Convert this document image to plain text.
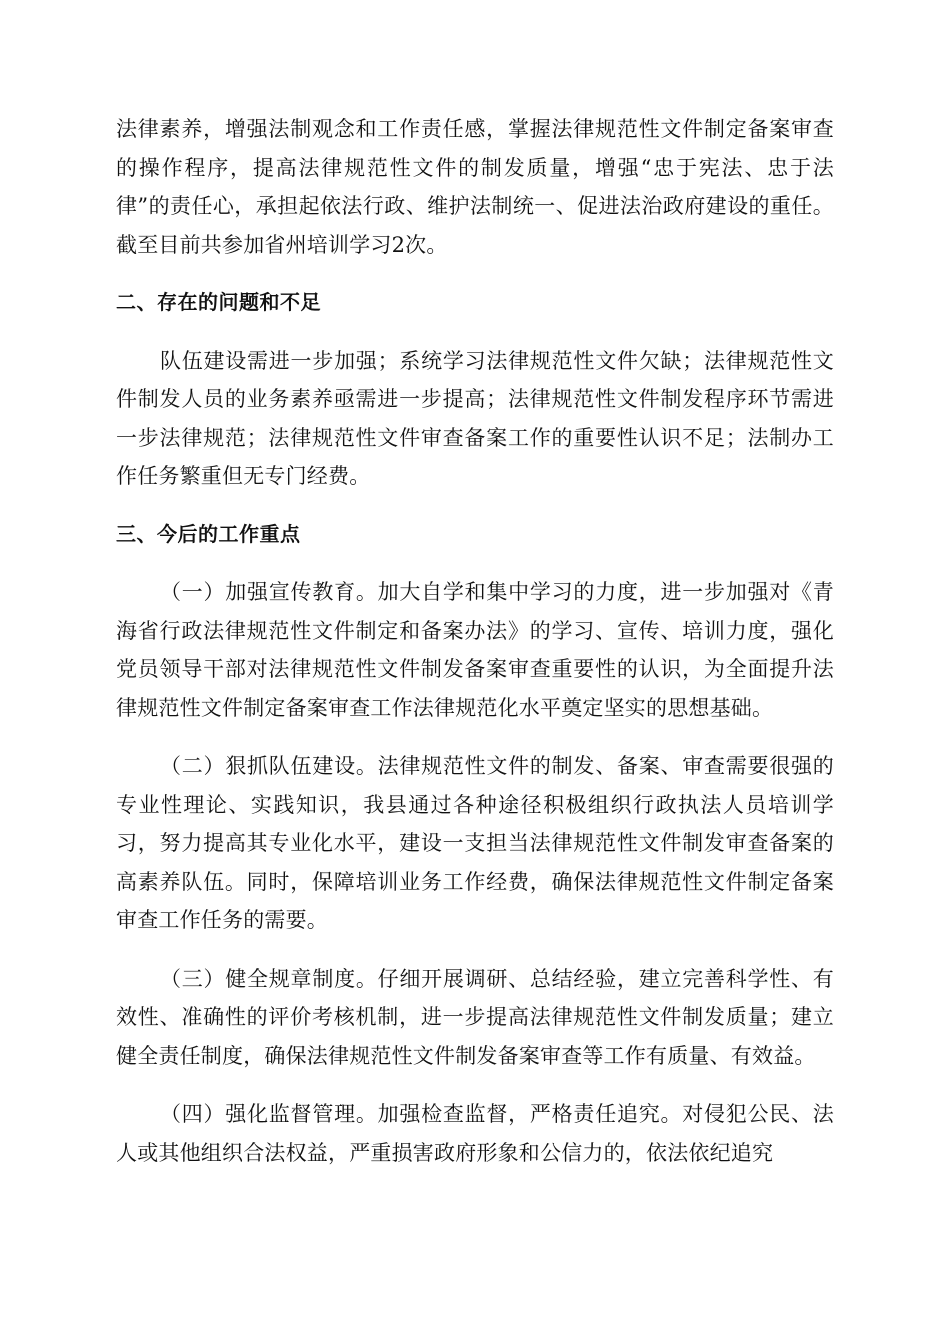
法律素养，增强法制观念和工作责任感，掌握法律规范性文件制定备案审查的操作程序，提高法律规范性文件的制发质量，增强“忠于宪法、忠于法律”的责任心，承担起依法行政、维护法制统一、促进法治政府建设的重任。截至目前共参加省州培训学习2次。

二、存在的问题和不足

队伍建设需进一步加强；系统学习法律规范性文件欠缺；法律规范性文件制发人员的业务素养亟需进一步提高；法律规范性文件制发程序环节需进一步法律规范；法律规范性文件审查备案工作的重要性认识不足；法制办工作任务繁重但无专门经费。

三、今后的工作重点

（一）加强宣传教育。加大自学和集中学习的力度，进一步加强对《青海省行政法律规范性文件制定和备案办法》的学习、宣传、培训力度，强化党员领导干部对法律规范性文件制发备案审查重要性的认识，为全面提升法律规范性文件制定备案审查工作法律规范化水平奠定坚实的思想基础。

（二）狠抓队伍建设。法律规范性文件的制发、备案、审查需要很强的专业性理论、实践知识，我县通过各种途径积极组织行政执法人员培训学习，努力提高其专业化水平，建设一支担当法律规范性文件制发审查备案的高素养队伍。同时，保障培训业务工作经费，确保法律规范性文件制定备案审查工作任务的需要。

（三）健全规章制度。仔细开展调研、总结经验，建立完善科学性、有效性、准确性的评价考核机制，进一步提高法律规范性文件制发质量；建立健全责任制度，确保法律规范性文件制发备案审查等工作有质量、有效益。

（四）强化监督管理。加强检查监督，严格责任追究。对侵犯公民、法人或其他组织合法权益，严重损害政府形象和公信力的，依法依纪追究
